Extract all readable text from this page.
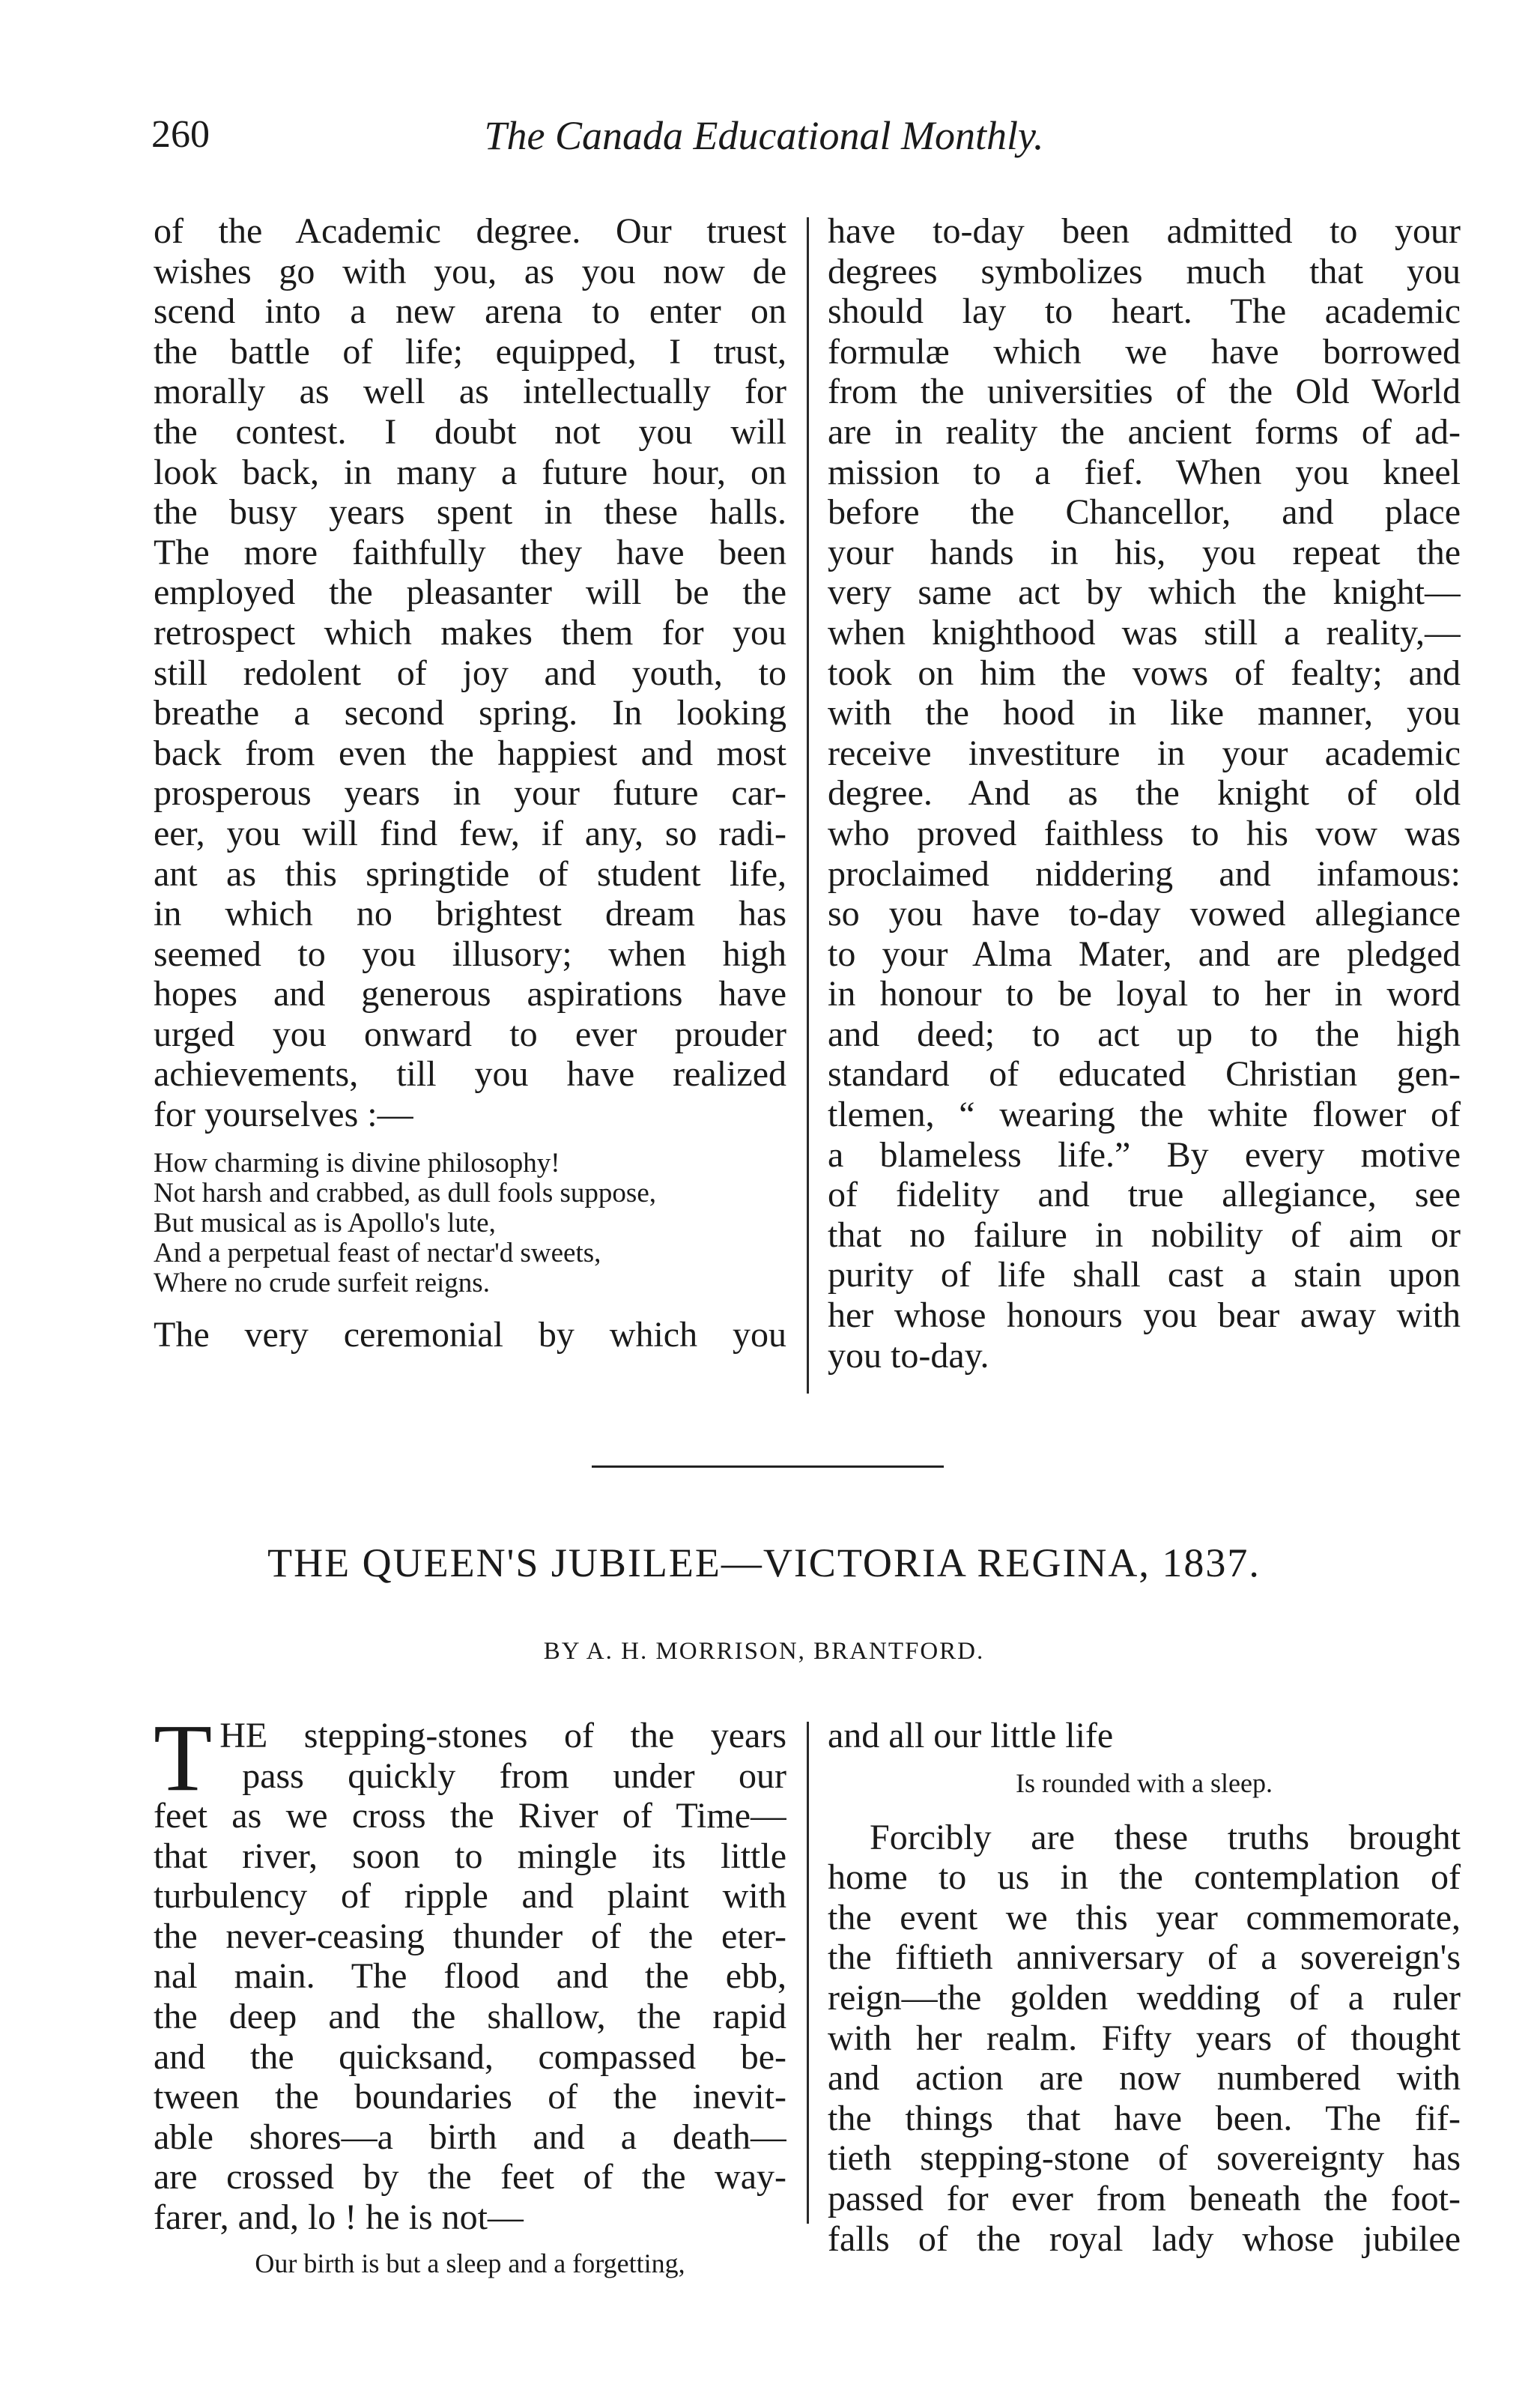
260	The Canada Educational Monthly.
of the Academic degree. Our truest
wishes go with you, as you now de
scend into a new arena to enter on
the battle of life; equipped, I trust,
morally as well as intellectually for
the contest. I doubt not you will
look back, in many a future hour, on
the busy years spent in these halls.
The more faithfully they have been
employed the pleasanter will be the
retrospect which makes them for you
still redolent of joy and youth, to
breathe a second spring. In looking
back from even the happiest and most
prosperous years in your future car-
eer, you will find few, if any, so radi-
ant as this springtide of student life,
in which no brightest dream has
seemed to you illusory; when high
hopes and generous aspirations have
urged you onward to ever prouder
achievements, till you have realized
for yourselves :—
How charming is divine philosophy!
Not harsh and crabbed, as dull fools suppose,
But musical as is Apollo's lute,
And a perpetual feast of nectar'd sweets,
Where no crude surfeit reigns.
The very ceremonial by which you
have to-day been admitted to your
degrees symbolizes much that you
should lay to heart. The academic
formulæ which we have borrowed
from the universities of the Old World
are in reality the ancient forms of ad-
mission to a fief. When you kneel
before the Chancellor, and place
your hands in his, you repeat the
very same act by which the knight—
when knighthood was still a reality,—
took on him the vows of fealty; and
with the hood in like manner, you
receive investiture in your academic
degree. And as the knight of old
who proved faithless to his vow was
proclaimed niddering and infamous:
so you have to-day vowed allegiance
to your Alma Mater, and are pledged
in honour to be loyal to her in word
and deed; to act up to the high
standard of educated Christian gen-
tlemen, “ wearing the white flower of
a blameless life.” By every motive
of fidelity and true allegiance, see
that no failure in nobility of aim or
purity of life shall cast a stain upon
her whose honours you bear away with
you to-day.
THE QUEEN'S JUBILEE—VICTORIA REGINA, 1837.
BY A. H. MORRISON, BRANTFORD.
T HE stepping-stones of the years
pass quickly from under our
feet as we cross the River of Time—
that river, soon to mingle its little
turbulency of ripple and plaint with
the never-ceasing thunder of the eter-
nal main. The flood and the ebb,
the deep and the shallow, the rapid
and the quicksand, compassed be-
tween the boundaries of the inevit-
able shores—a birth and a death—
are crossed by the feet of the way-
farer, and, lo ! he is not—
Our birth is but a sleep and a forgetting,
and all our little life
Is rounded with a sleep.
Forcibly are these truths brought
home to us in the contemplation of
the event we this year commemorate,
the fiftieth anniversary of a sovereign's
reign—the golden wedding of a ruler
with her realm. Fifty years of thought
and action are now numbered with
the things that have been. The fif-
tieth stepping-stone of sovereignty has
passed for ever from beneath the foot-
falls of the royal lady whose jubilee
